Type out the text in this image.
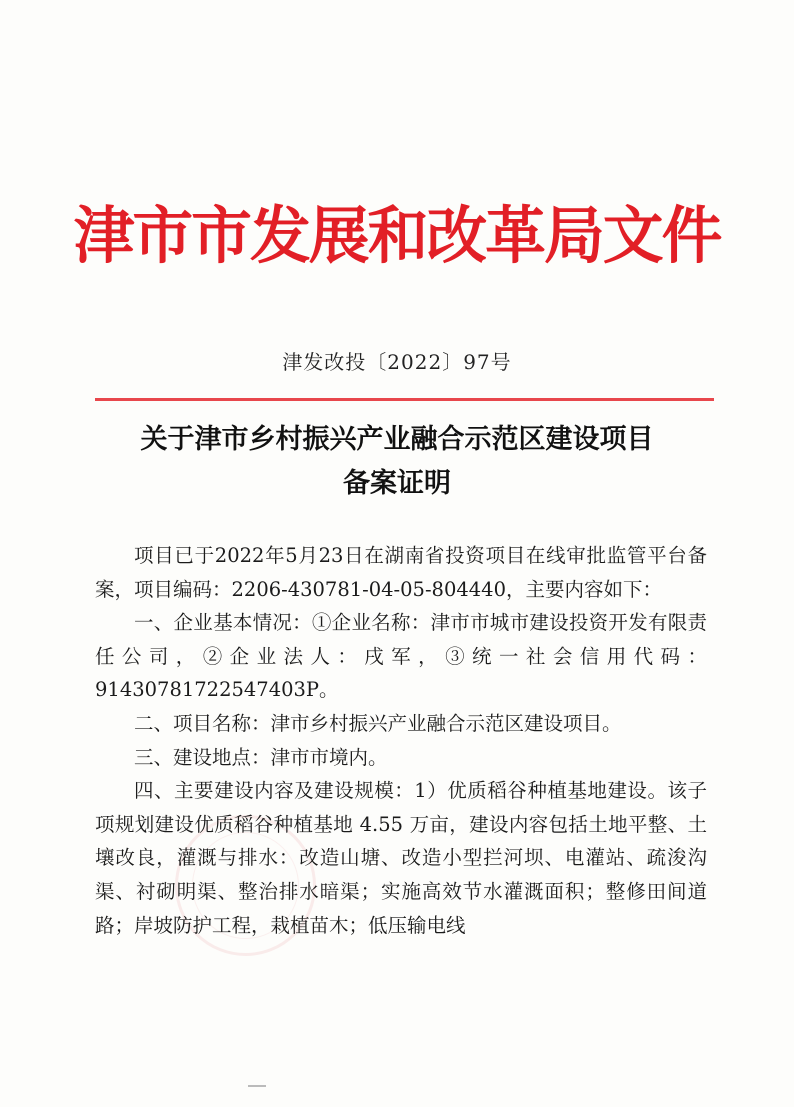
津市市发展和改革局文件
津发改投〔2022〕97号
关于津市乡村振兴产业融合示范区建设项目
备案证明

项目已于2022年5月23日在湖南省投资项目在线审批监管平台备案，项目编码：2206-430781-04-05-804440，主要内容如下：

一、企业基本情况：①企业名称：津市市城市建设投资开发有限责任公司，②企业法人：戌军，③统一社会信用代码：91430781722547403P。

二、项目名称：津市乡村振兴产业融合示范区建设项目。

三、建设地点：津市市境内。

四、主要建设内容及建设规模：1）优质稻谷种植基地建设。该子项规划建设优质稻谷种植基地 4.55 万亩，建设内容包括土地平整、土壤改良，灌溉与排水：改造山塘、改造小型拦河坝、电灌站、疏浚沟渠、衬砌明渠、整治排水暗渠；实施高效节水灌溉面积；整修田间道路；岸坡防护工程，栽植苗木；低压输电线
